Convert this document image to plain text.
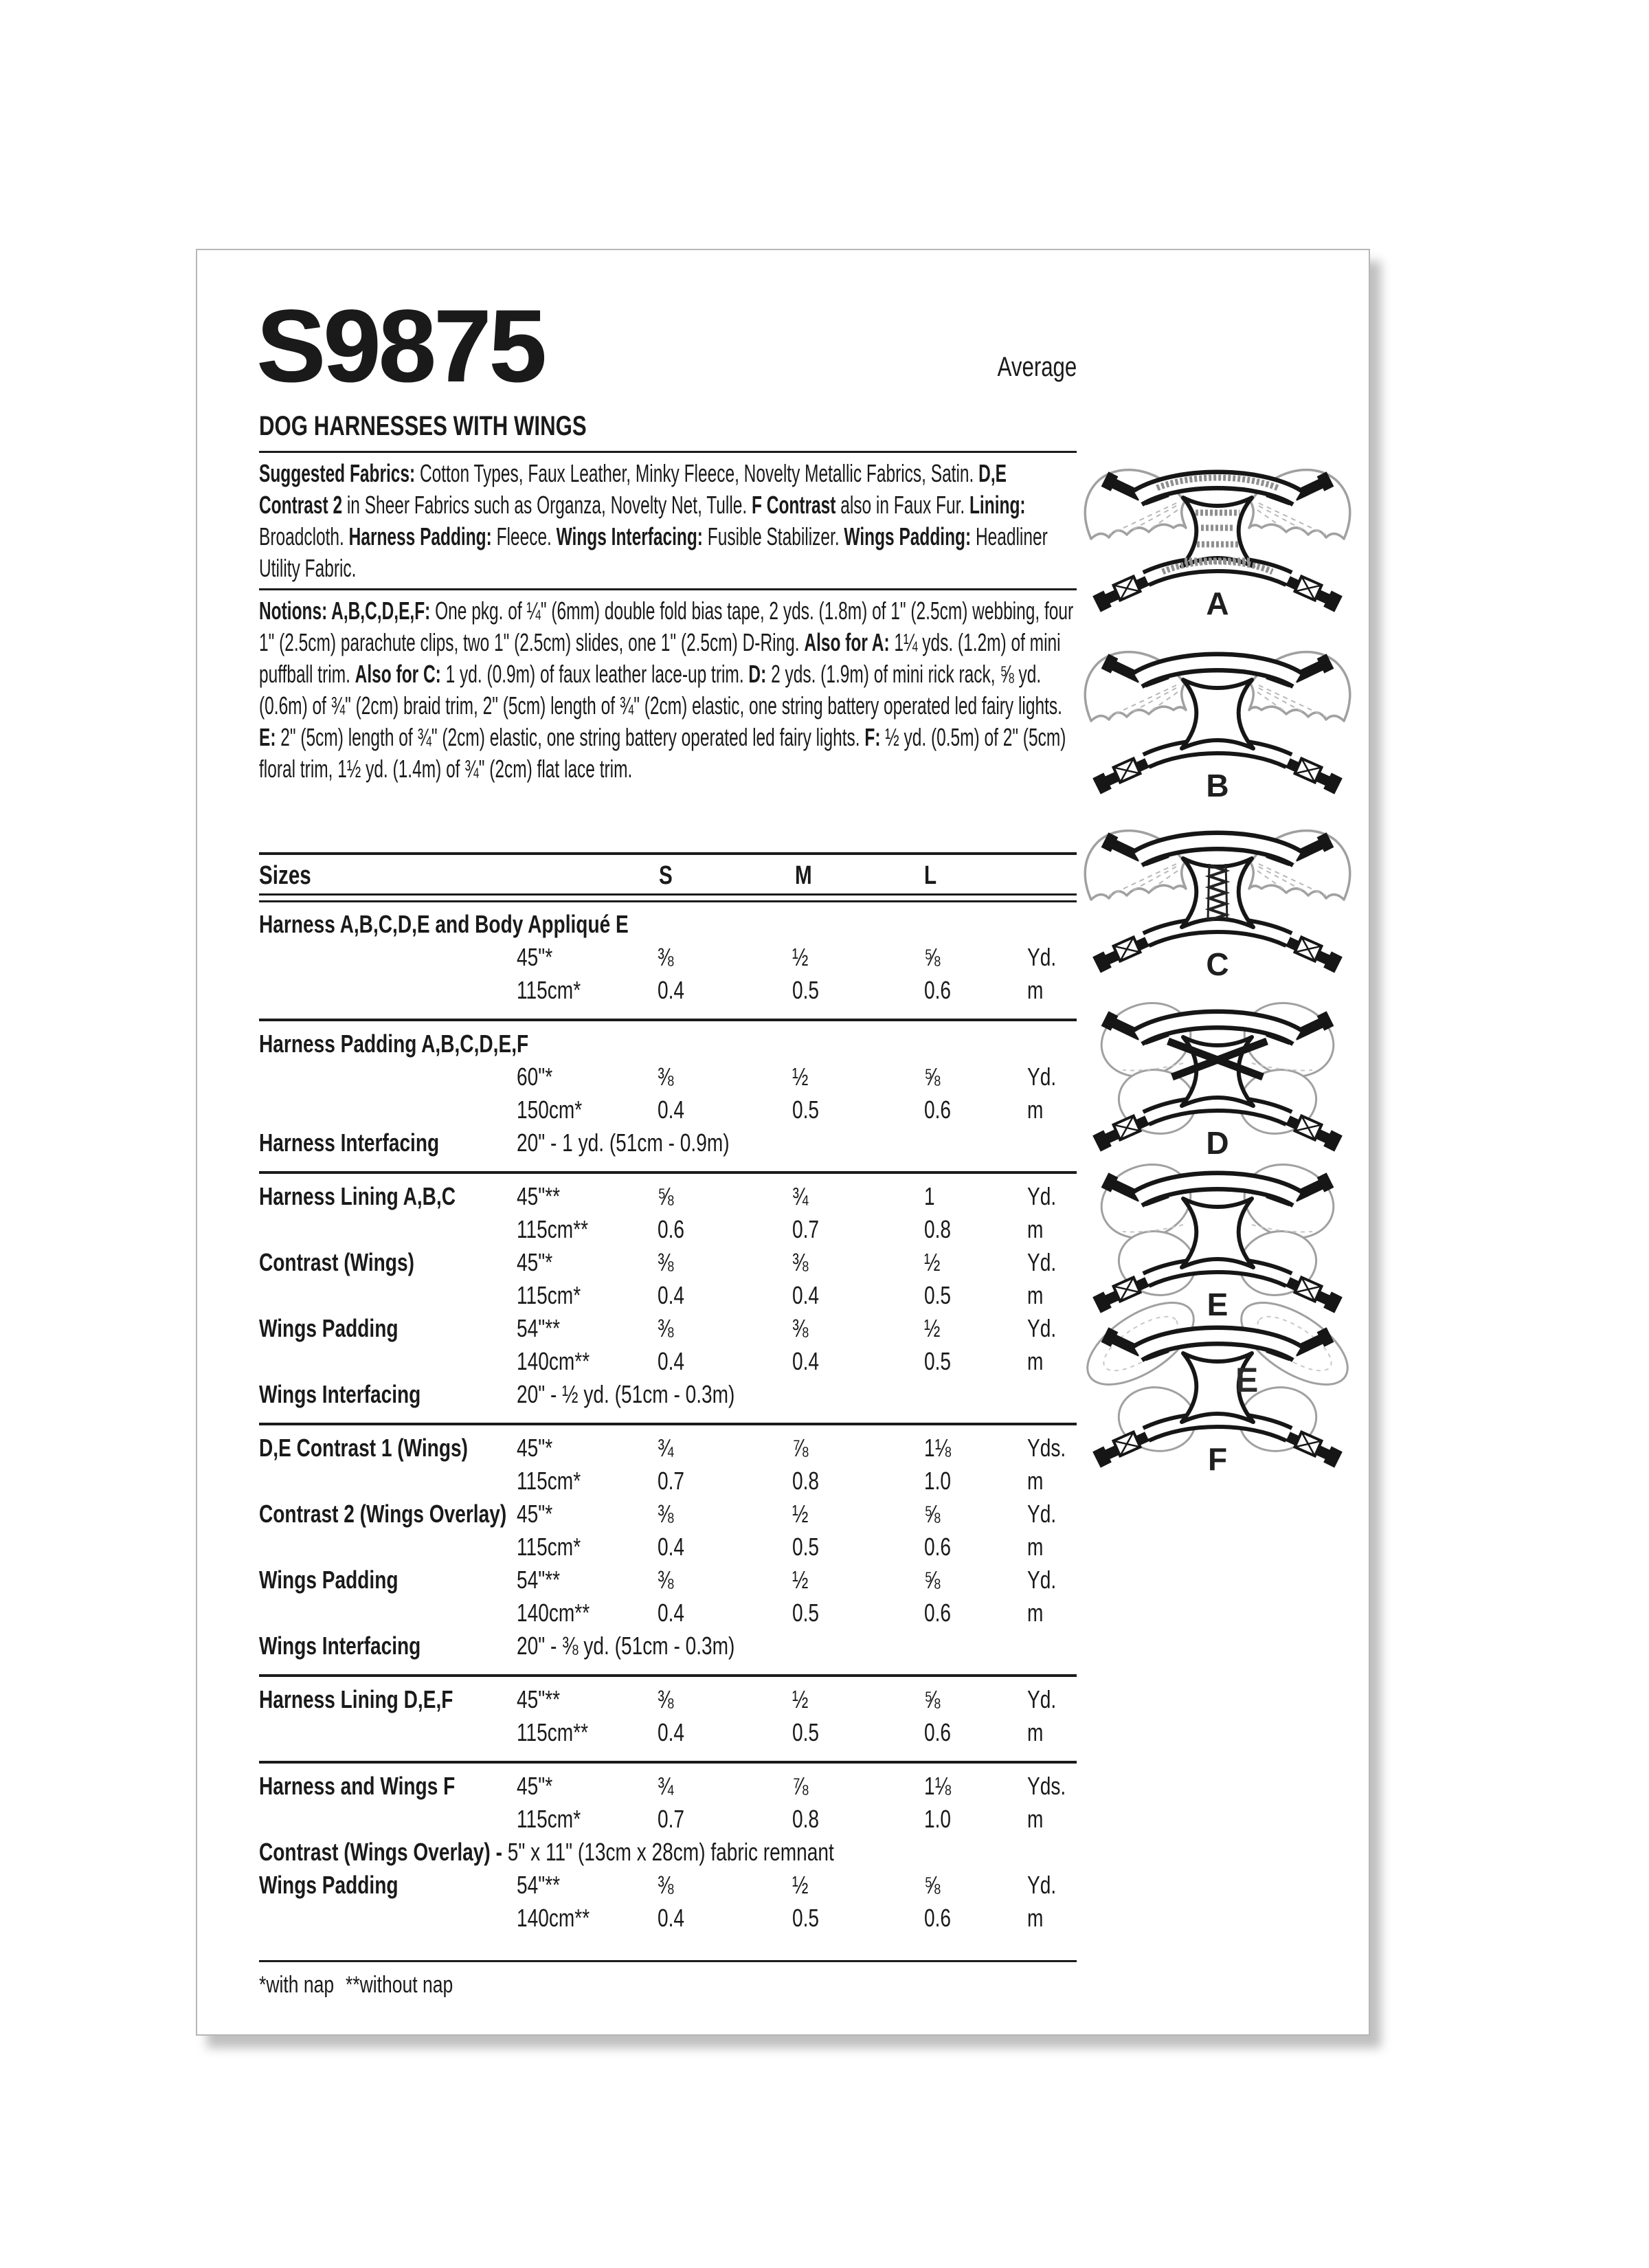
S9875	Average
DOG HARNESSES WITH WINGS
Suggested Fabrics: Cotton Types, Faux Leather, Minky Fleece, Novelty Metallic Fabrics, Satin. D,E Contrast 2 in Sheer Fabrics such as Organza, Novelty Net, Tulle. F Contrast also in Faux Fur. Lining: Broadcloth. Harness Padding: Fleece. Wings Interfacing: Fusible Stabilizer. Wings Padding: Headliner Utility Fabric.
Notions: A,B,C,D,E,F: One pkg. of ¼" (6mm) double fold bias tape, 2 yds. (1.8m) of 1" (2.5cm) webbing, four 1" (2.5cm) parachute clips, two 1" (2.5cm) slides, one 1" (2.5cm) D-Ring. Also for A: 1¼ yds. (1.2m) of mini puffball trim. Also for C: 1 yd. (0.9m) of faux leather lace-up trim. D: 2 yds. (1.9m) of mini rick rack, ⅝ yd. (0.6m) of ¾" (2cm) braid trim, 2" (5cm) length of ¾" (2cm) elastic, one string battery operated led fairy lights. E: 2" (5cm) length of ¾" (2cm) elastic, one string battery operated led fairy lights. F: ½ yd. (0.5m) of 2" (5cm) floral trim, 1½ yd. (1.4m) of ¾" (2cm) flat lace trim.
Sizes	S	M	L
Harness A,B,C,D,E and Body Appliqué E
45"*	⅜	½	⅝	Yd.
115cm*	0.4	0.5	0.6	m
Harness Padding A,B,C,D,E,F
60"*	⅜	½	⅝	Yd.
150cm*	0.4	0.5	0.6	m
Harness Interfacing	20" - 1 yd. (51cm - 0.9m)
Harness Lining A,B,C	45"**	⅝	¾	1	Yd.
115cm**	0.6	0.7	0.8	m
Contrast (Wings)	45"*	⅜	⅜	½	Yd.
115cm*	0.4	0.4	0.5	m
Wings Padding	54"**	⅜	⅜	½	Yd.
140cm**	0.4	0.4	0.5	m
Wings Interfacing	20" - ½ yd. (51cm - 0.3m)
D,E Contrast 1 (Wings)	45"*	¾	⅞	1⅛	Yds.
115cm*	0.7	0.8	1.0	m
Contrast 2 (Wings Overlay) 45"*	⅜	½	⅝	Yd.
115cm*	0.4	0.5	0.6	m
Wings Padding	54"**	⅜	½	⅝	Yd.
140cm**	0.4	0.5	0.6	m
Wings Interfacing	20" - ⅜ yd. (51cm - 0.3m)
Harness Lining D,E,F	45"**	⅜	½	⅝	Yd.
115cm**	0.4	0.5	0.6	m
Harness and Wings F	45"*	¾	⅞	1⅛	Yds.
115cm*	0.7	0.8	1.0	m
Contrast (Wings Overlay) - 5" x 11" (13cm x 28cm) fabric remnant
Wings Padding	54"**	⅜	½	⅝	Yd.
140cm**	0.4	0.5	0.6	m
*with nap **without nap
A
B
C
D
E
E
F
